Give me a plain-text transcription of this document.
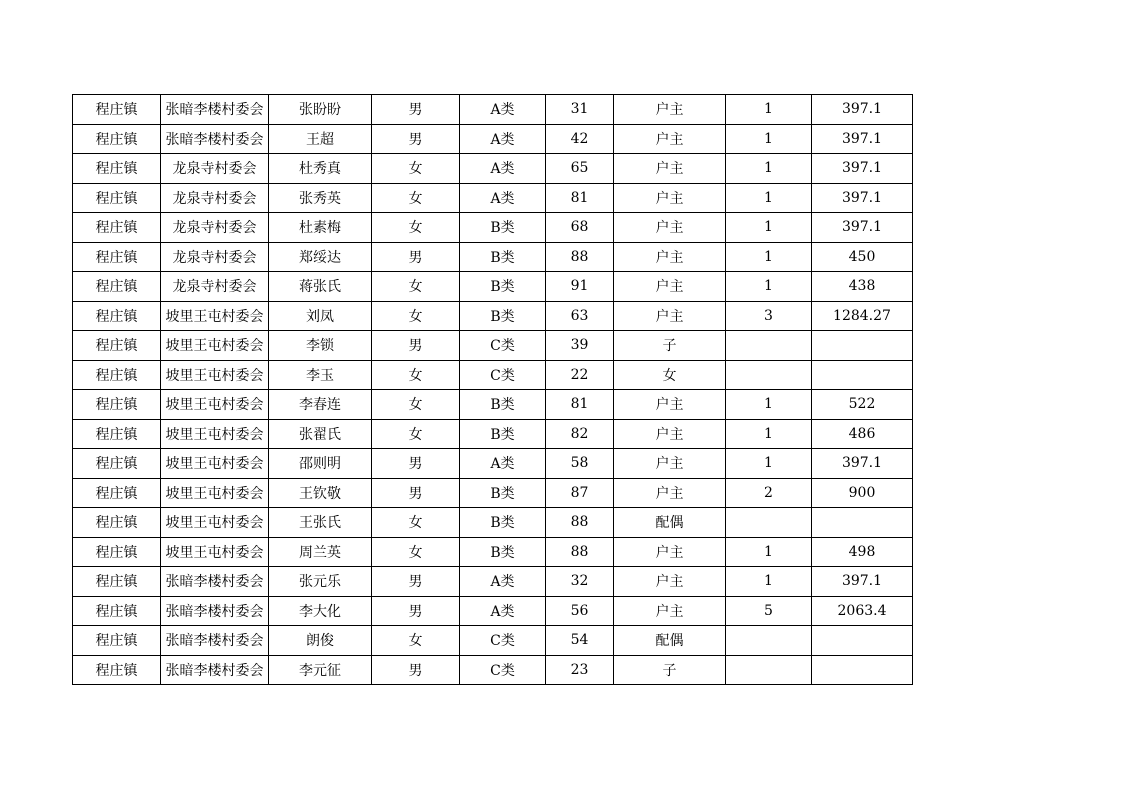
程庄镇	张暗李楼村委会	张盼盼	男	A类	31	户主	1	397.1
程庄镇	张暗李楼村委会	王超	男	A类	42	户主	1	397.1
程庄镇	龙泉寺村委会	杜秀真	女	A类	65	户主	1	397.1
程庄镇	龙泉寺村委会	张秀英	女	A类	81	户主	1	397.1
程庄镇	龙泉寺村委会	杜素梅	女	B类	68	户主	1	397.1
程庄镇	龙泉寺村委会	郑绥达	男	B类	88	户主	1	450
程庄镇	龙泉寺村委会	蒋张氏	女	B类	91	户主	1	438
程庄镇	坡里王屯村委会	刘凤	女	B类	63	户主	3	1284.27
程庄镇	坡里王屯村委会	李锁	男	C类	39	子		
程庄镇	坡里王屯村委会	李玉	女	C类	22	女		
程庄镇	坡里王屯村委会	李春连	女	B类	81	户主	1	522
程庄镇	坡里王屯村委会	张翟氏	女	B类	82	户主	1	486
程庄镇	坡里王屯村委会	邵则明	男	A类	58	户主	1	397.1
程庄镇	坡里王屯村委会	王钦敬	男	B类	87	户主	2	900
程庄镇	坡里王屯村委会	王张氏	女	B类	88	配偶		
程庄镇	坡里王屯村委会	周兰英	女	B类	88	户主	1	498
程庄镇	张暗李楼村委会	张元乐	男	A类	32	户主	1	397.1
程庄镇	张暗李楼村委会	李大化	男	A类	56	户主	5	2063.4
程庄镇	张暗李楼村委会	朗俊	女	C类	54	配偶		
程庄镇	张暗李楼村委会	李元征	男	C类	23	子		
